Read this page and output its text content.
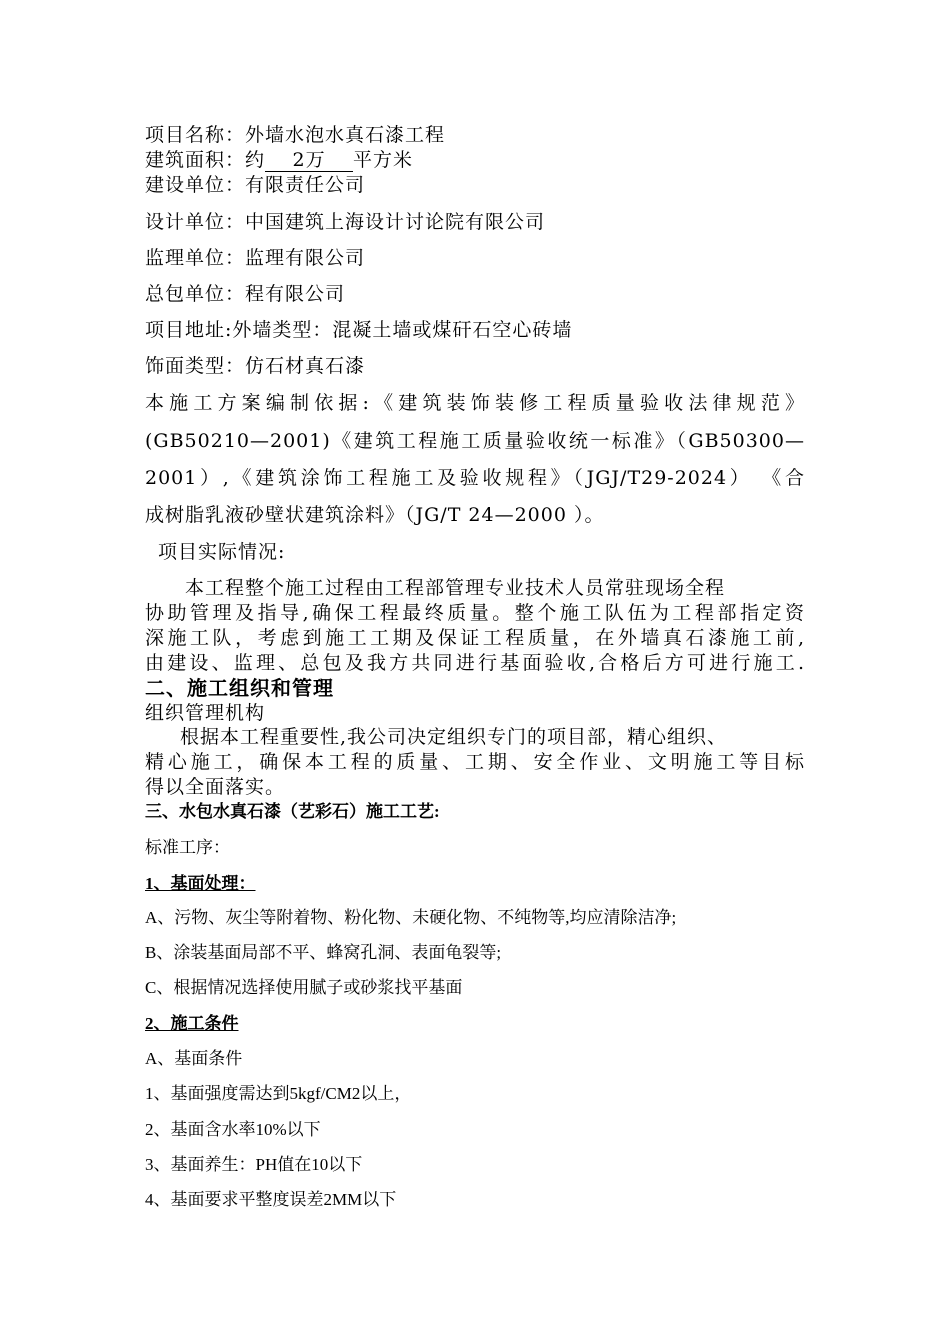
项目名称：外墙水泡水真石漆工程
建筑面积：约 2万 平方米
建设单位：有限责任公司
设计单位：中国建筑上海设计讨论院有限公司
监理单位：监理有限公司
总包单位：程有限公司
项目地址:外墙类型：混凝土墙或煤矸石空心砖墙
饰面类型：仿石材真石漆
本施工方案编制依据:《建筑装饰装修工程质量验收法律规范》
(GB50210—2001)《建筑工程施工质量验收统一标准》（GB50300—
2001）,《建筑涂饰工程施工及验收规程》（JGJ/T29-2024） 《合
成树脂乳液砂壁状建筑涂料》（JG/T 24—2000 ）。
项目实际情况:
本工程整个施工过程由工程部管理专业技术人员常驻现场全程
协助管理及指导,确保工程最终质量。整个施工队伍为工程部指定资
深施工队，考虑到施工工期及保证工程质量，在外墙真石漆施工前,
由建设、监理、总包及我方共同进行基面验收,合格后方可进行施工.
二、施工组织和管理
组织管理机构
根据本工程重要性,我公司决定组织专门的项目部，精心组织、
精心施工，确保本工程的质量、工期、安全作业、文明施工等目标
得以全面落实。
三、水包水真石漆（艺彩石）施工工艺:
标准工序：
1、基面处理：
A、污物、灰尘等附着物、粉化物、未硬化物、不纯物等,均应清除洁净;
B、涂装基面局部不平、蜂窝孔洞、表面龟裂等;
C、根据情况选择使用腻子或砂浆找平基面
2、施工条件
A、基面条件
1、基面强度需达到5kgf/CM2以上，
2、基面含水率10%以下
3、基面养生：PH值在10以下
4、基面要求平整度误差2MM以下
